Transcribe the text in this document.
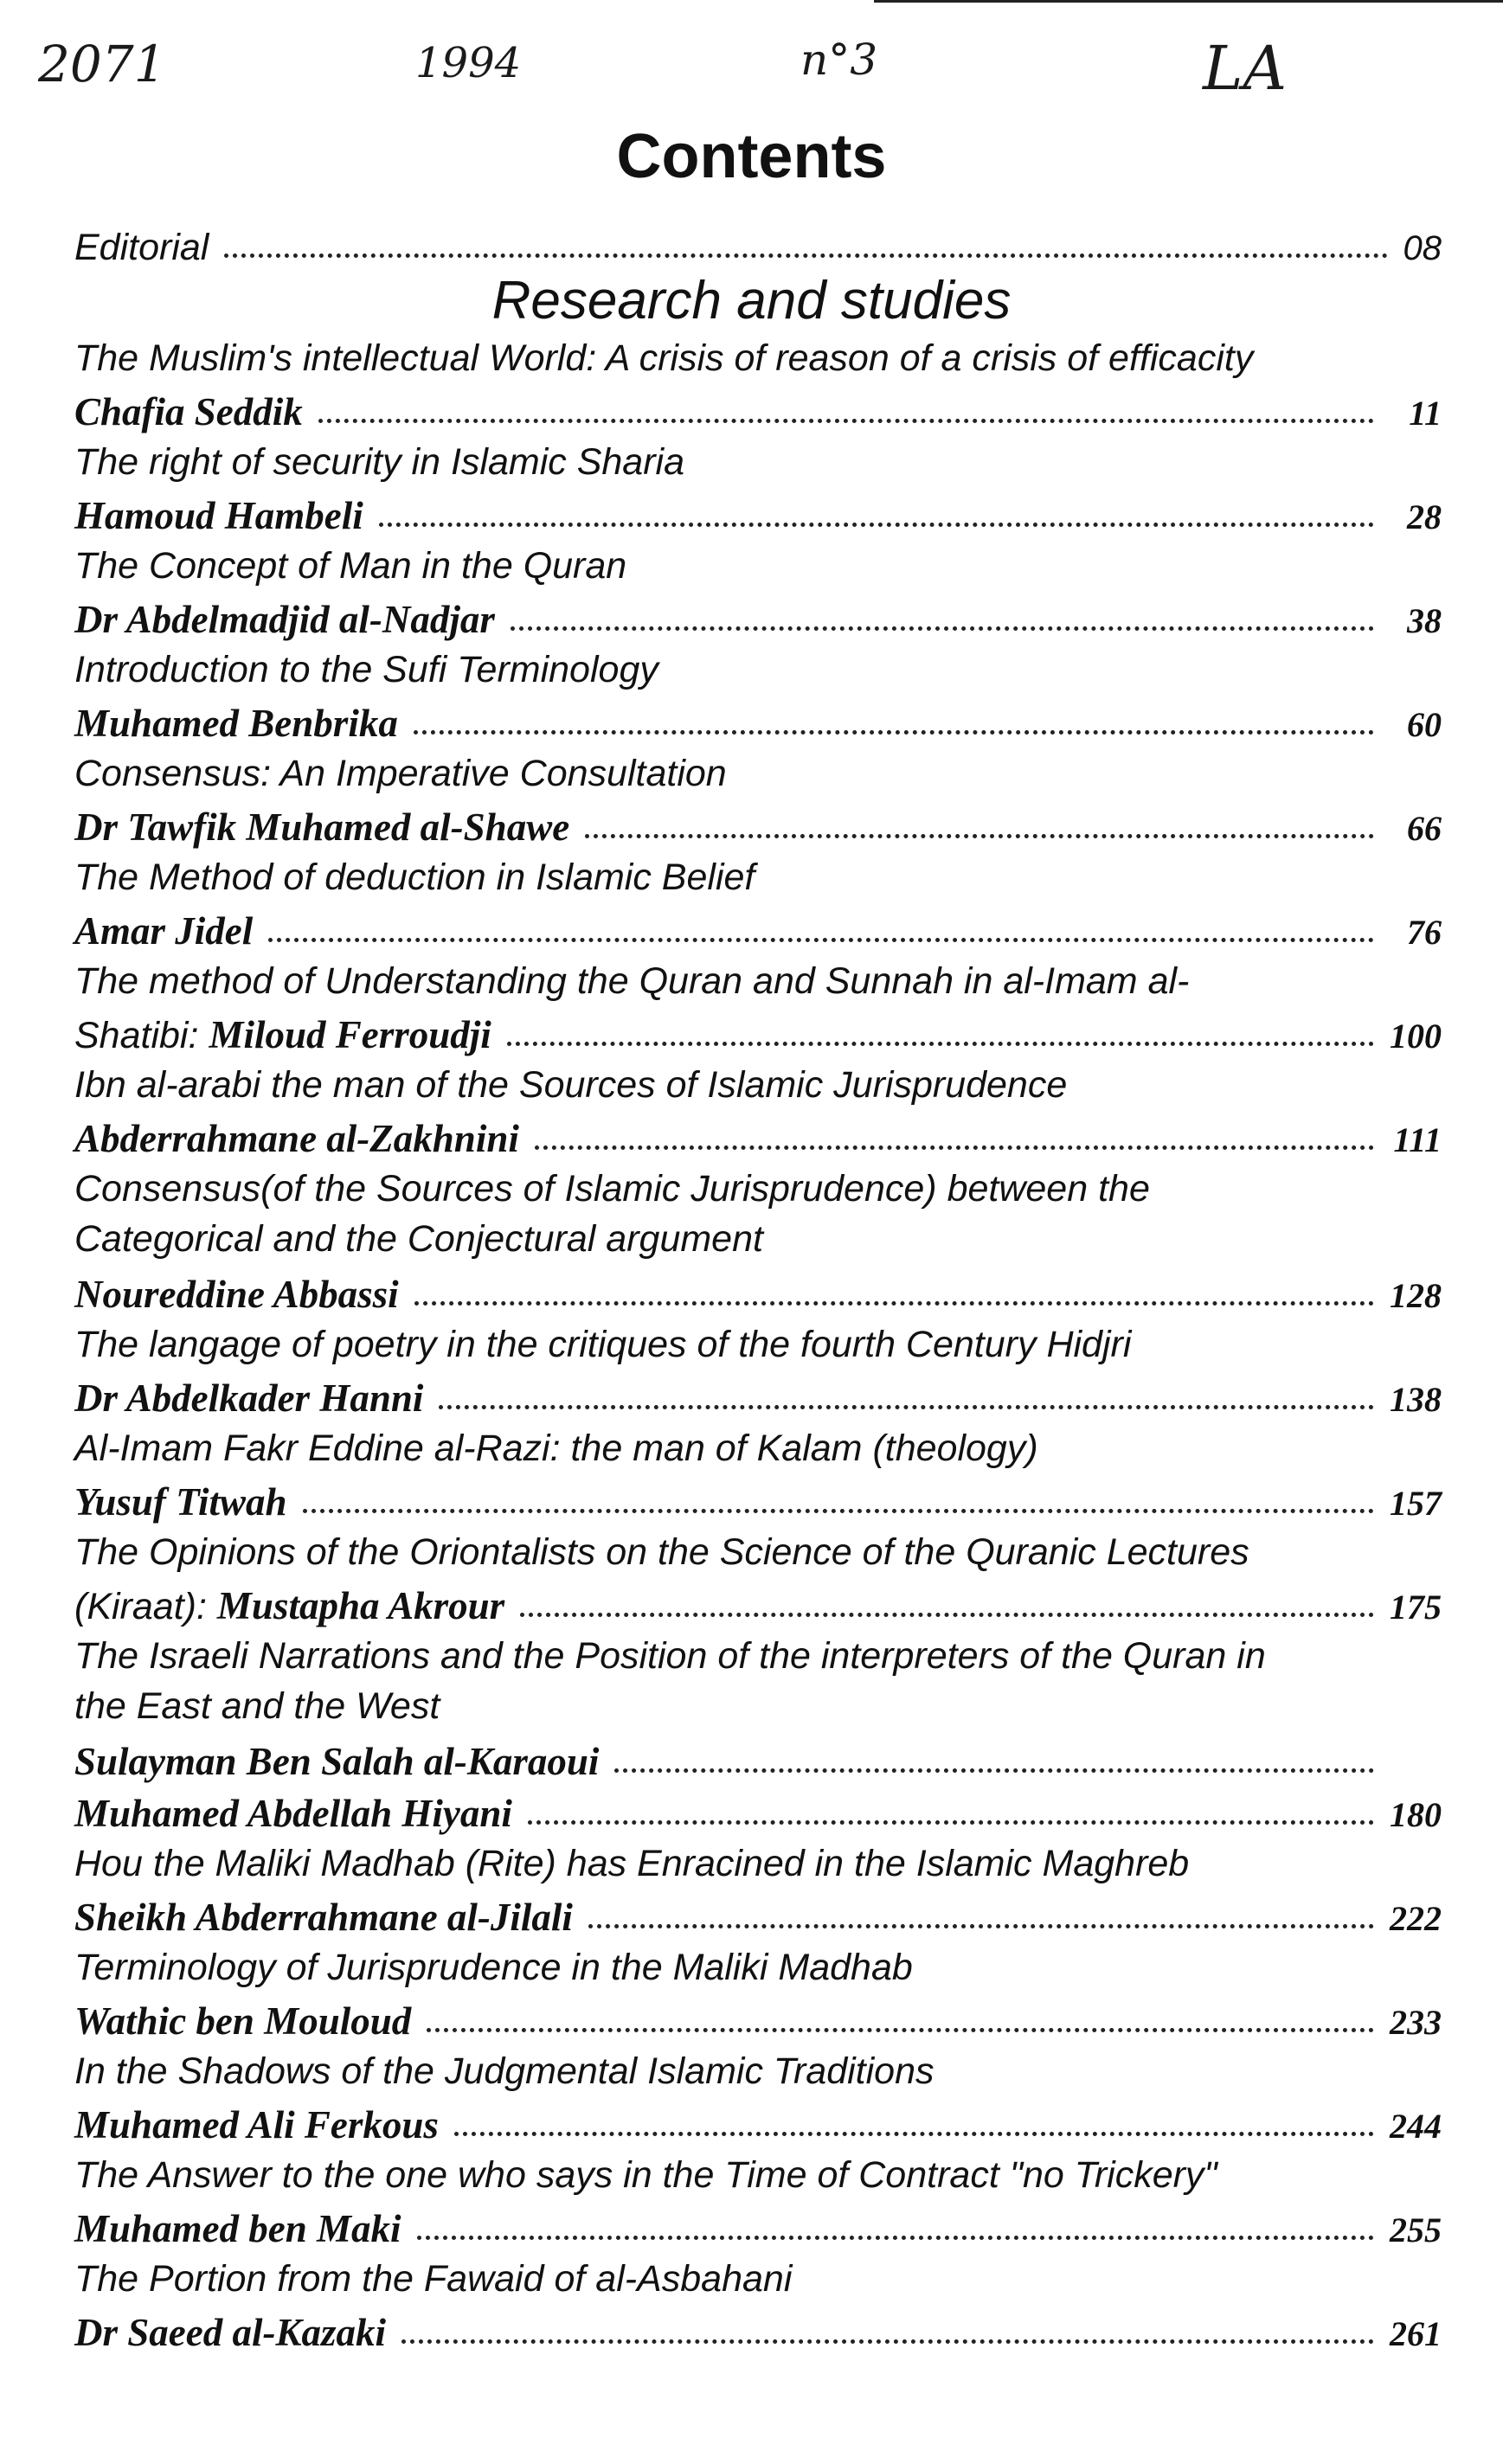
2071	1994	n°3	LA
Contents
Editorial	08
Research and studies
The Muslim's intellectual World: A crisis of reason of a crisis of efficacity
Chafia Seddik	11
The right of security in Islamic Sharia
Hamoud Hambeli	28
The Concept of Man in the Quran
Dr Abdelmadjid al-Nadjar	38
Introduction to the Sufi Terminology
Muhamed Benbrika	60
Consensus: An Imperative Consultation
Dr Tawfik Muhamed al-Shawe	66
The Method of deduction in Islamic Belief
Amar Jidel	76
The method of Understanding the Quran and Sunnah in al-Imam al-
Shatibi: Miloud Ferroudji	100
Ibn al-arabi the man of the Sources of Islamic Jurisprudence
Abderrahmane al-Zakhnini	111
Consensus(of the Sources of Islamic Jurisprudence) between the
Categorical and the Conjectural argument
Noureddine Abbassi	128
The langage of poetry in the critiques of the fourth Century Hidjri
Dr Abdelkader Hanni	138
Al-Imam Fakr Eddine al-Razi: the man of Kalam (theology)
Yusuf Titwah	157
The Opinions of the Oriontalists on the Science of the Quranic Lectures
(Kiraat): Mustapha Akrour	175
The Israeli Narrations and the Position of the interpreters of the Quran in
the East and the West
Sulayman Ben Salah al-Karaoui
Muhamed Abdellah Hiyani	180
Hou the Maliki Madhab (Rite) has Enracined in the Islamic Maghreb
Sheikh Abderrahmane al-Jilali	222
Terminology of Jurisprudence in the Maliki Madhab
Wathic ben Mouloud	233
In the Shadows of the Judgmental Islamic Traditions
Muhamed Ali Ferkous	244
The Answer to the one who says in the Time of Contract "no Trickery"
Muhamed ben Maki	255
The Portion from the Fawaid of al-Asbahani
Dr Saeed al-Kazaki	261
